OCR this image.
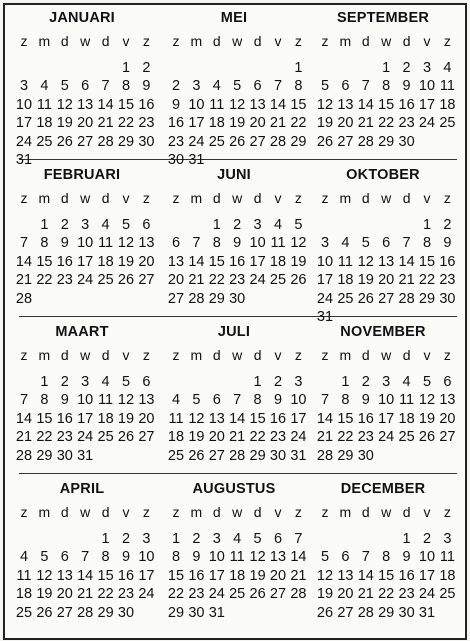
JANUARI
z m d w d v z
1 2
3 4 5 6 7 8 9
10 11 12 13 14 15 16
17 18 19 20 21 22 23
24 25 26 27 28 29 30
31
MEI
z m d w d v z
1
2 3 4 5 6 7 8
9 10 11 12 13 14 15
16 17 18 19 20 21 22
23 24 25 26 27 28 29
30 31
SEPTEMBER
z m d w d v z
1 2 3 4
5 6 7 8 9 10 11
12 13 14 15 16 17 18
19 20 21 22 23 24 25
26 27 28 29 30
FEBRUARI
z m d w d v z
1 2 3 4 5 6
7 8 9 10 11 12 13
14 15 16 17 18 19 20
21 22 23 24 25 26 27
28
JUNI
z m d w d v z
1 2 3 4 5
6 7 8 9 10 11 12
13 14 15 16 17 18 19
20 21 22 23 24 25 26
27 28 29 30
OKTOBER
z m d w d v z
1 2
3 4 5 6 7 8 9
10 11 12 13 14 15 16
17 18 19 20 21 22 23
24 25 26 27 28 29 30
31
MAART
z m d w d v z
1 2 3 4 5 6
7 8 9 10 11 12 13
14 15 16 17 18 19 20
21 22 23 24 25 26 27
28 29 30 31
JULI
z m d w d v z
1 2 3
4 5 6 7 8 9 10
11 12 13 14 15 16 17
18 19 20 21 22 23 24
25 26 27 28 29 30 31
NOVEMBER
z m d w d v z
1 2 3 4 5 6
7 8 9 10 11 12 13
14 15 16 17 18 19 20
21 22 23 24 25 26 27
28 29 30
APRIL
z m d w d v z
1 2 3
4 5 6 7 8 9 10
11 12 13 14 15 16 17
18 19 20 21 22 23 24
25 26 27 28 29 30
AUGUSTUS
z m d w d v z
1 2 3 4 5 6 7
8 9 10 11 12 13 14
15 16 17 18 19 20 21
22 23 24 25 26 27 28
29 30 31
DECEMBER
z m d w d v z
1 2 3
5 6 7 8 9 10 11
12 13 14 15 16 17 18
19 20 21 22 23 24 25
26 27 28 29 30 31
